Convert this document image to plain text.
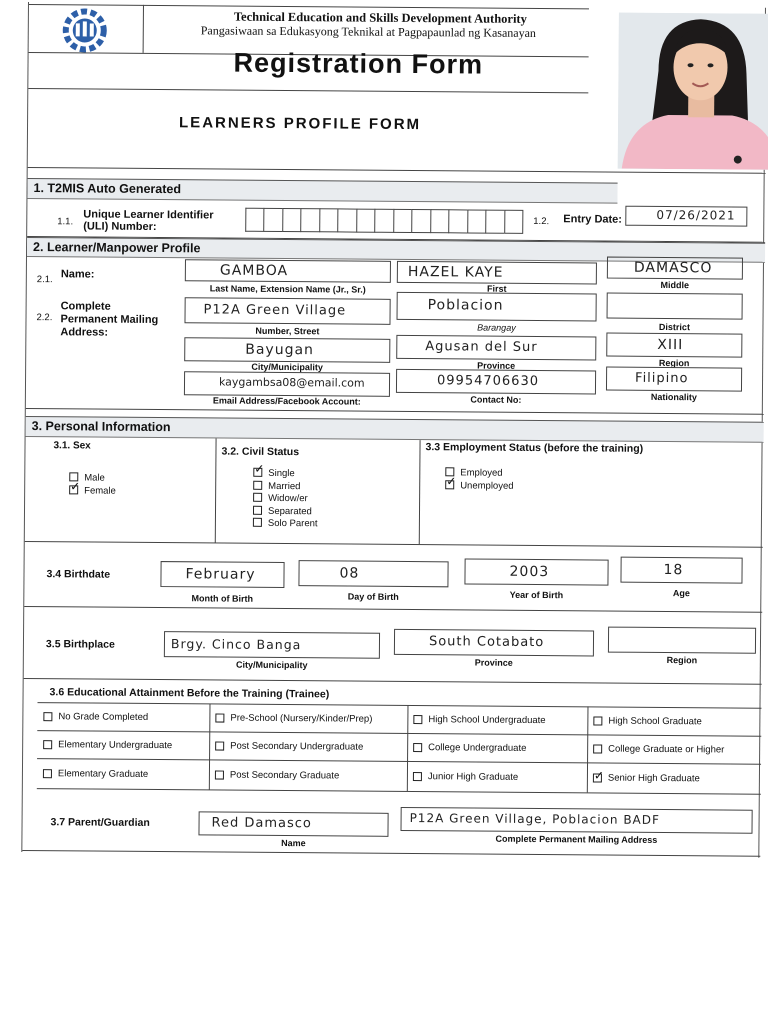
Technical Education and Skills Development Authority
Pangasiwaan sa Edukasyong Teknikal at Pagpapaunlad ng Kasanayan
Registration Form
LEARNERS PROFILE FORM
1. T2MIS Auto Generated
1.1.
Unique Learner Identifier
(ULI) Number:	1.2. Entry Date:	07/26/2021
2. Learner/Manpower Profile
2.1. Name:	GAMBOA	HAZEL KAYE	DAMASCO
Last Name, Extension Name (Jr., Sr.)	First	Middle
2.2.
Complete
Permanent Mailing
Address:
P12A Green Village	Poblacion
Number, Street	Barangay	District
Bayugan	Agusan del Sur	XIII
City/Municipality	Province	Region
kaygambsa08@email.com	09954706630	Filipino
Email Address/Facebook Account:	Contact No:	Nationality
3. Personal Information
3.1. Sex
Male
✓Female
3.2. Civil Status
✓Single
Married
Widow/er
Separated
Solo Parent
3.3 Employment Status (before the training)
Employed
✓Unemployed
3.4 Birthdate	February	08	2003	18
Month of Birth	Day of Birth	Year of Birth	Age
3.5 Birthplace	Brgy. Cinco Banga	South Cotabato
City/Municipality	Province	Region
3.6 Educational Attainment Before the Training (Trainee)
No Grade Completed	Pre-School (Nursery/Kinder/Prep)	High School Undergraduate	High School Graduate
Elementary Undergraduate	Post Secondary Undergraduate	College Undergraduate	College Graduate or Higher
Elementary Graduate	Post Secondary Graduate	Junior High Graduate
✓	Senior High Graduate
3.7 Parent/Guardian	Red Damasco	P12A Green Village, Poblacion BADF
Name	Complete Permanent Mailing Address
